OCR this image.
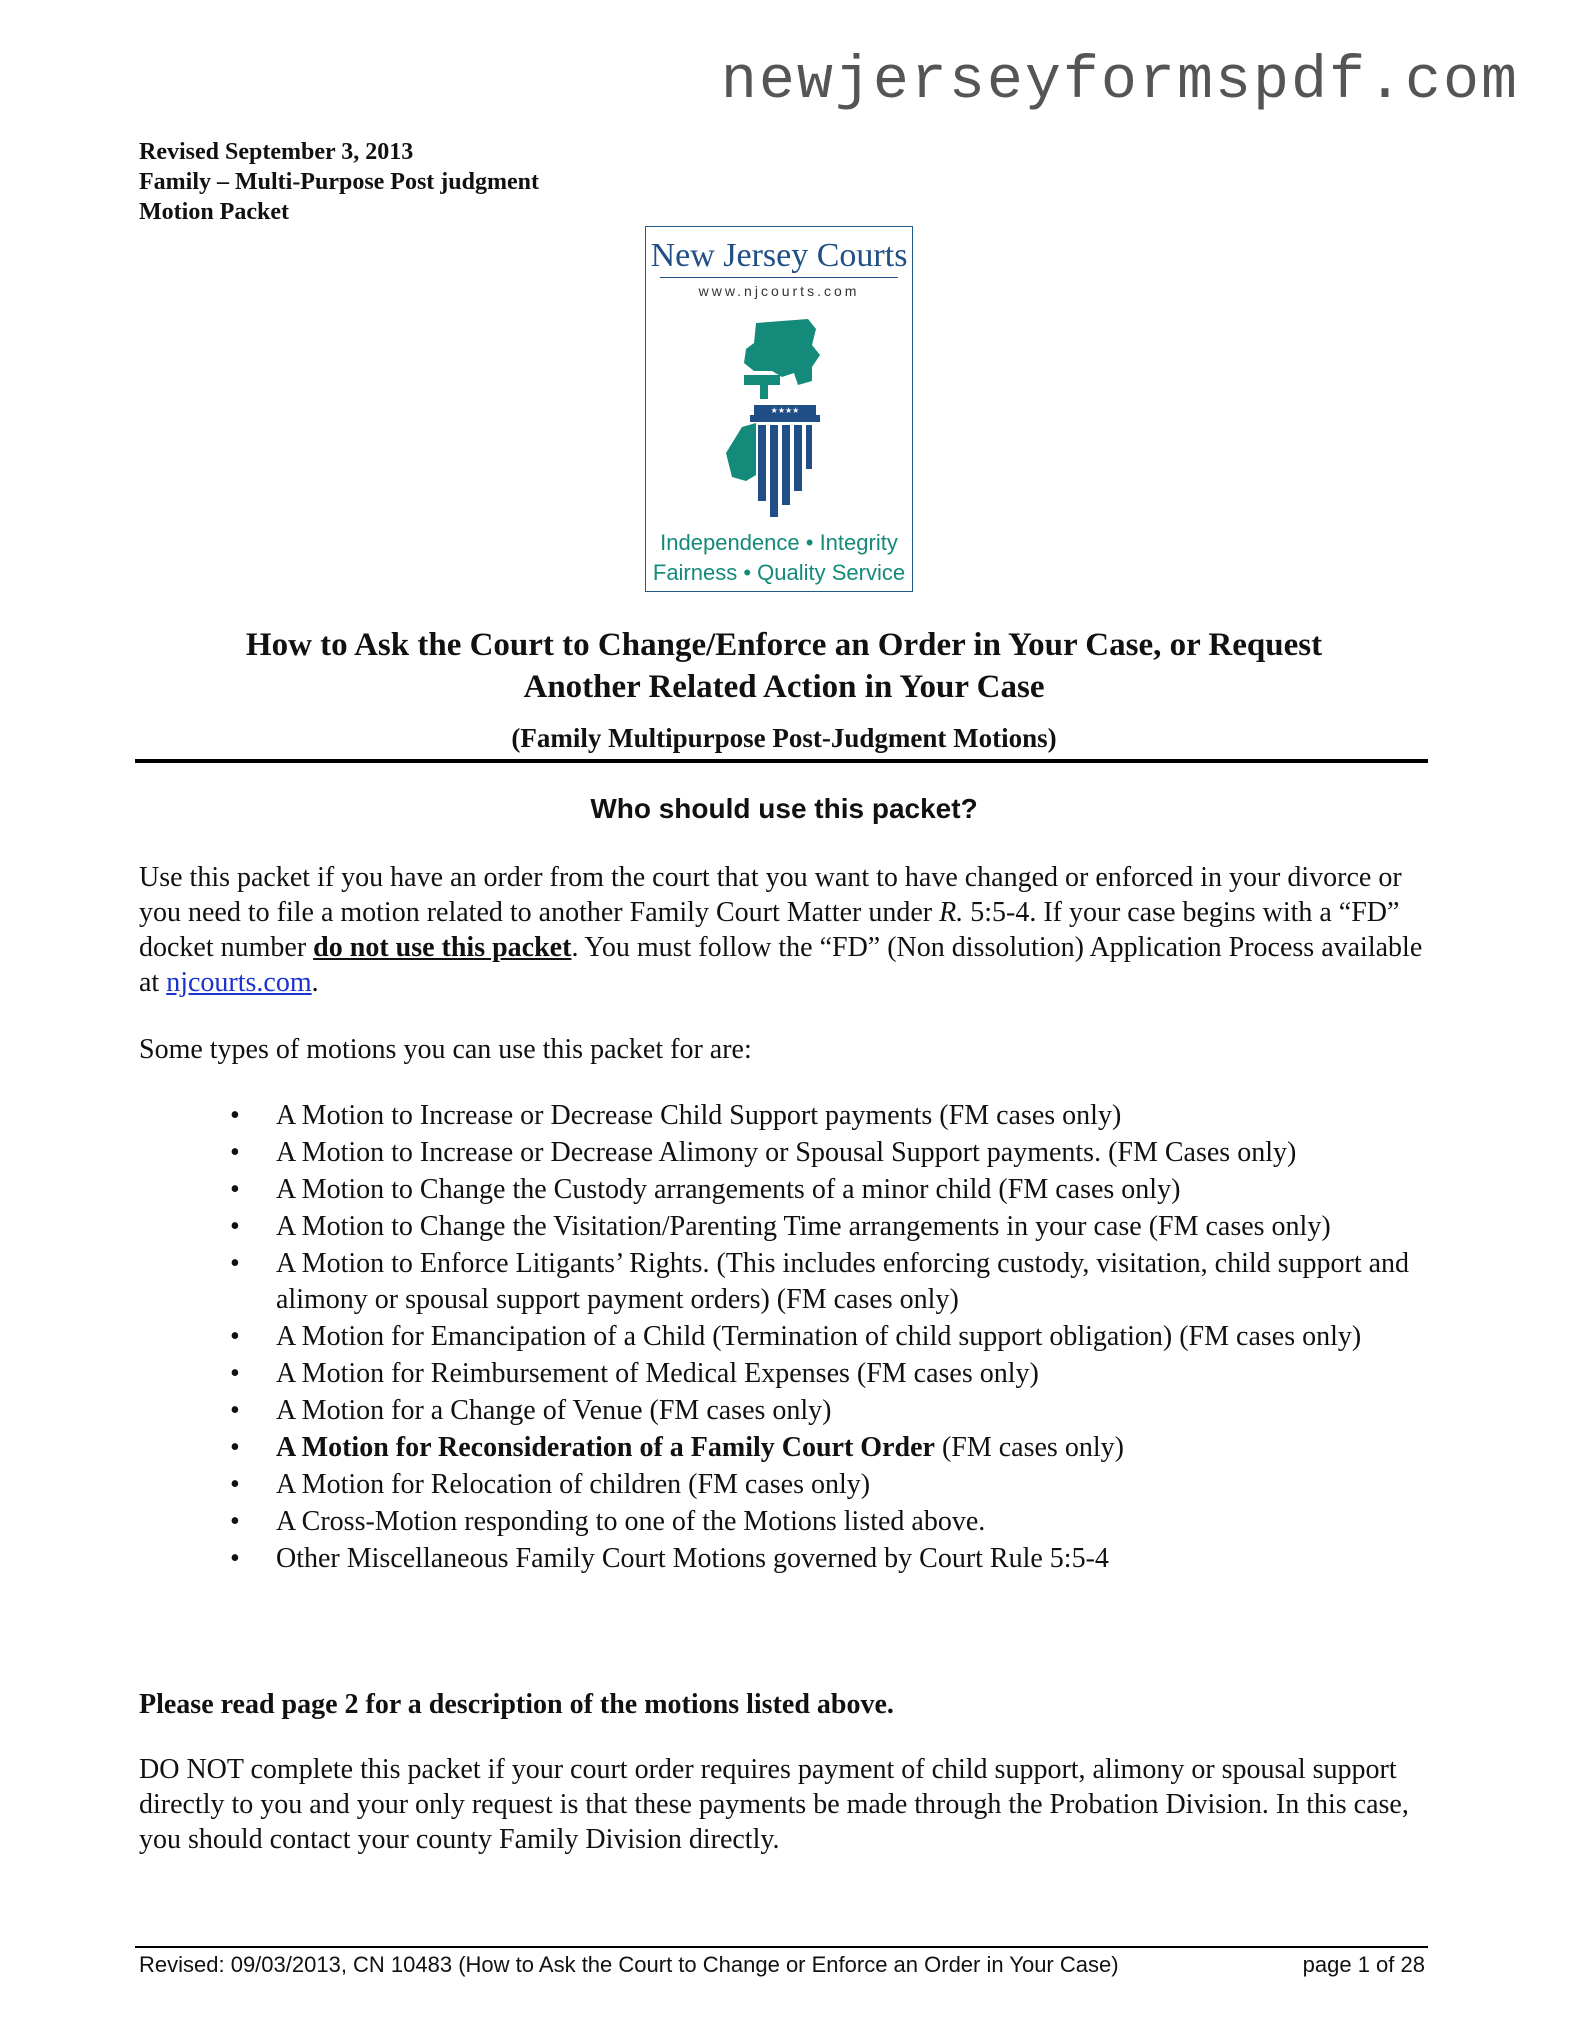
newjerseyformspdf.com
Revised September 3, 2013
Family – Multi-Purpose Post judgment
Motion Packet
New Jersey Courts
www.njcourts.com
★★★★
Independence • Integrity
Fairness • Quality Service
How to Ask the Court to Change/Enforce an Order in Your Case, or Request
Another Related Action in Your Case
(Family Multipurpose Post-Judgment Motions)
Who should use this packet?
Use this packet if you have an order from the court that you want to have changed or enforced in your divorce or you need to file a motion related to another Family Court Matter under R. 5:5-4. If your case begins with a “FD” docket number do not use this packet. You must follow the “FD” (Non dissolution) Application Process available at njcourts.com.
Some types of motions you can use this packet for are:
• A Motion to Increase or Decrease Child Support payments (FM cases only)
• A Motion to Increase or Decrease Alimony or Spousal Support payments. (FM Cases only)
• A Motion to Change the Custody arrangements of a minor child (FM cases only)
• A Motion to Change the Visitation/Parenting Time arrangements in your case (FM cases only)
• A Motion to Enforce Litigants’ Rights. (This includes enforcing custody, visitation, child support and alimony or spousal support payment orders) (FM cases only)
• A Motion for Emancipation of a Child (Termination of child support obligation) (FM cases only)
• A Motion for Reimbursement of Medical Expenses (FM cases only)
• A Motion for a Change of Venue (FM cases only)
• A Motion for Reconsideration of a Family Court Order (FM cases only)
• A Motion for Relocation of children (FM cases only)
• A Cross-Motion responding to one of the Motions listed above.
• Other Miscellaneous Family Court Motions governed by Court Rule 5:5-4
Please read page 2 for a description of the motions listed above.
DO NOT complete this packet if your court order requires payment of child support, alimony or spousal support directly to you and your only request is that these payments be made through the Probation Division. In this case, you should contact your county Family Division directly.
Revised: 09/03/2013, CN 10483 (How to Ask the Court to Change or Enforce an Order in Your Case)	page 1 of 28
